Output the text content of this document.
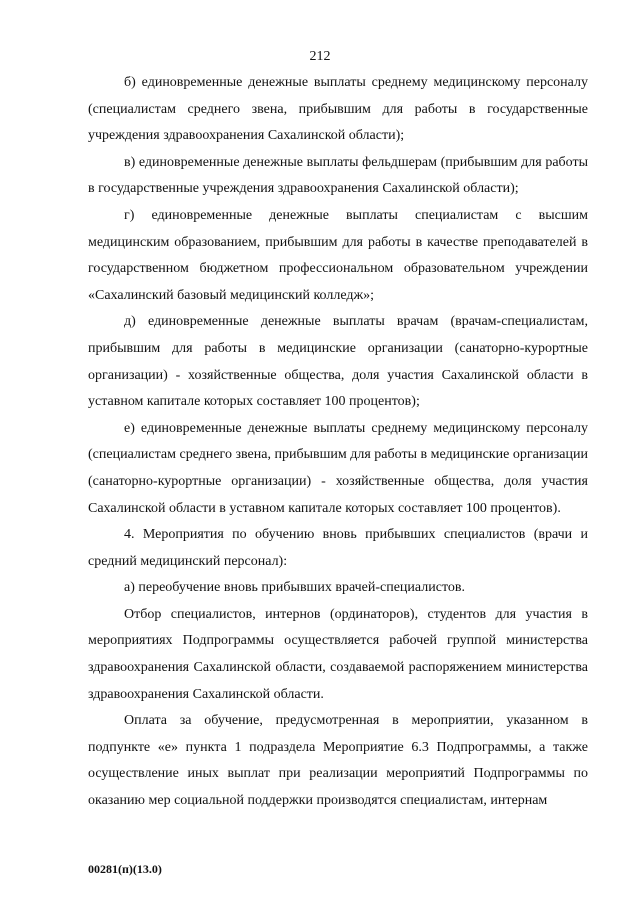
212

б) единовременные денежные выплаты среднему медицинскому персоналу (специалистам среднего звена, прибывшим для работы в государственные учреждения здравоохранения Сахалинской области);

в) единовременные денежные выплаты фельдшерам (прибывшим для работы в государственные учреждения здравоохранения Сахалинской области);

г) единовременные денежные выплаты специалистам с высшим медицинским образованием, прибывшим для работы в качестве преподавателей в государственном бюджетном профессиональном образовательном учреждении «Сахалинский базовый медицинский колледж»;

д) единовременные денежные выплаты врачам (врачам-специалистам, прибывшим для работы в медицинские организации (санаторно-курортные организации) - хозяйственные общества, доля участия Сахалинской области в уставном капитале которых составляет 100 процентов);

е) единовременные денежные выплаты среднему медицинскому персоналу (специалистам среднего звена, прибывшим для работы в медицинские организации (санаторно-курортные организации) - хозяйственные общества, доля участия Сахалинской области в уставном капитале которых составляет 100 процентов).

4. Мероприятия по обучению вновь прибывших специалистов (врачи и средний медицинский персонал):

а) переобучение вновь прибывших врачей-специалистов.

Отбор специалистов, интернов (ординаторов), студентов для участия в мероприятиях Подпрограммы осуществляется рабочей группой министерства здравоохранения Сахалинской области, создаваемой распоряжением министерства здравоохранения Сахалинской области.

Оплата за обучение, предусмотренная в мероприятии, указанном в подпункте «е» пункта 1 подраздела Мероприятие 6.3 Подпрограммы, а также осуществление иных выплат при реализации мероприятий Подпрограммы по оказанию мер социальной поддержки производятся специалистам, интернам

00281(п)(13.0)
